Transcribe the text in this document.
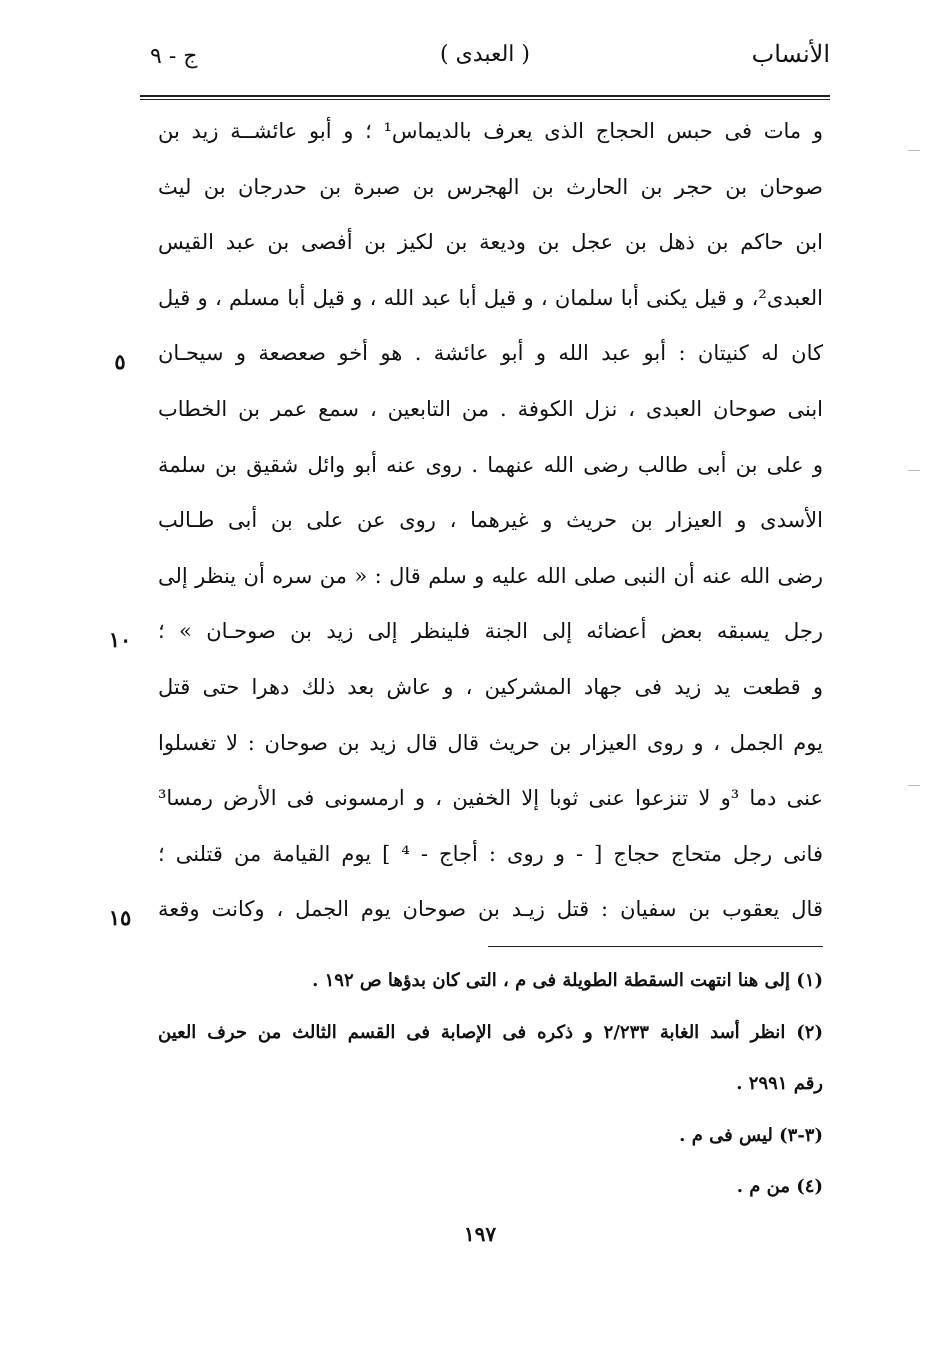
الأنساب
( العبدى )
ج - ٩
و مات فى حبس الحجاج الذى يعرف بالديماس¹ ؛ و أبو عائشــة زيد بن
صوحان بن حجر بن الحارث بن الهجرس بن صبرة بن حدرجان بن ليث
ابن حاكم بن ذهل بن عجل بن وديعة بن لكيز بن أفصى بن عبد القيس
العبدى²، و قيل يكنى أبا سلمان ، و قيل أبا عبد الله ، و قيل أبا مسلم ، و قيل
كان له كنيتان : أبو عبد الله و أبو عائشة . هو أخو صعصعة و سيحـان
ابنى صوحان العبدى ، نزل الكوفة . من التابعين ، سمع عمر بن الخطاب
و على بن أبى طالب رضى الله عنهما . روى عنه أبو وائل شقيق بن سلمة
الأسدى و العيزار بن حريث و غيرهما ، روى عن على بن أبى طـالب
رضى الله عنه أن النبى صلى الله عليه و سلم قال : « من سره أن ينظر إلى
رجل يسبقه بعض أعضائه إلى الجنة فلينظر إلى زيد بن صوحـان » ؛
و قطعت يد زيد فى جهاد المشركين ، و عاش بعد ذلك دهرا حتى قتل
يوم الجمل ، و روى العيزار بن حريث قال قال زيد بن صوحان : لا تغسلوا
عنى دما ³و لا تنزعوا عنى ثوبا إلا الخفين ، و ارمسونى فى الأرض رمسا³
فانى رجل متحاج حجاج [ - و روى : أجاج - ⁴ ] يوم القيامة من قتلنى ؛
قال يعقوب بن سفيان : قتل زيـد بن صوحان يوم الجمل ، وكانت وقعة
٥
١٠
١٥
(١) إلى هنا انتهت السقطة الطويلة فى م ، التى كان بدؤها ص ١٩٢ .
(٢) انظر أسد الغابة ٢/٢٣٣ و ذكره فى الإصابة فى القسم الثالث من حرف العين
رقم ٢٩٩١ .
(٣-٣) ليس فى م .
(٤) من م .
١٩٧
